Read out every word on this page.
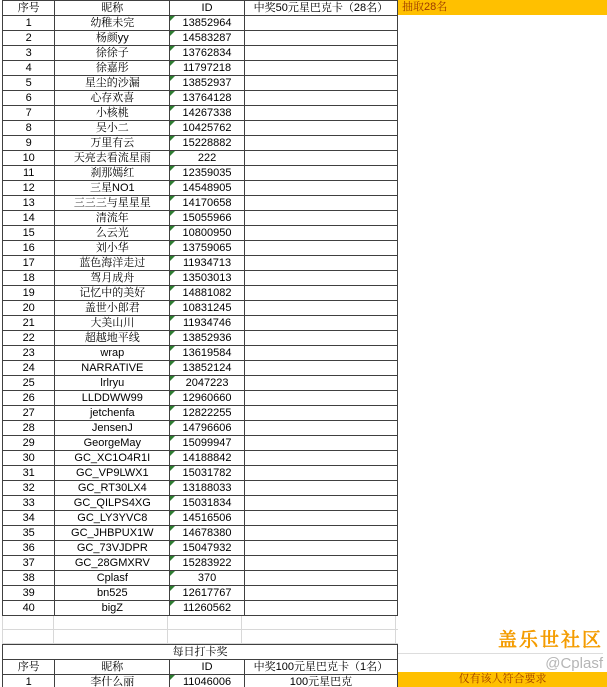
序号	昵称	ID	中奖50元星巴克卡（28名）
1	幼稚未完	13852964	
2	杨颜yy	14583287	
3	徐徐子	13762834	
4	徐嘉彤	11797218	
5	星尘的沙漏	13852937	
6	心存欢喜	13764128	
7	小核桃	14267338	
8	吴小二	10425762	
9	万里有云	15228882	
10	天亮去看流星雨	222	
11	刹那嫣红	12359035	
12	三星NO1	14548905	
13	三三三与星星星	14170658	
14	清流年	15055966	
15	么云光	10800950	
16	刘小华	13759065	
17	蓝色海洋走过	11934713	
18	驾月成舟	13503013	
19	记忆中的美好	14881082	
20	盖世小郎君	10831245	
21	大美山川	11934746	
22	超越地平线	13852936	
23	wrap	13619584	
24	NARRATIVE	13852124	
25	lrlryu	2047223	
26	LLDDWW99	12960660	
27	jetchenfa	12822255	
28	JensenJ	14796606	
29	GeorgeMay	15099947	
30	GC_XC1O4R1I	14188842	
31	GC_VP9LWX1	15031782	
32	GC_RT30LX4	13188033	
33	GC_QILPS4XG	15031834	
34	GC_LY3YVC8	14516506	
35	GC_JHBPUX1W	14678380	
36	GC_73VJDPR	15047932	
37	GC_28GMXRV	15283922	
38	Cplasf	370	
39	bn525	12617767	
40	bigZ	11260562	
每日打卡奖			
序号	昵称	ID	中奖100元星巴克卡（1名）
1	李什么丽	11046006	100元星巴克
抽取28名
仅有该人符合要求
盖乐世社区
@Cplasf
